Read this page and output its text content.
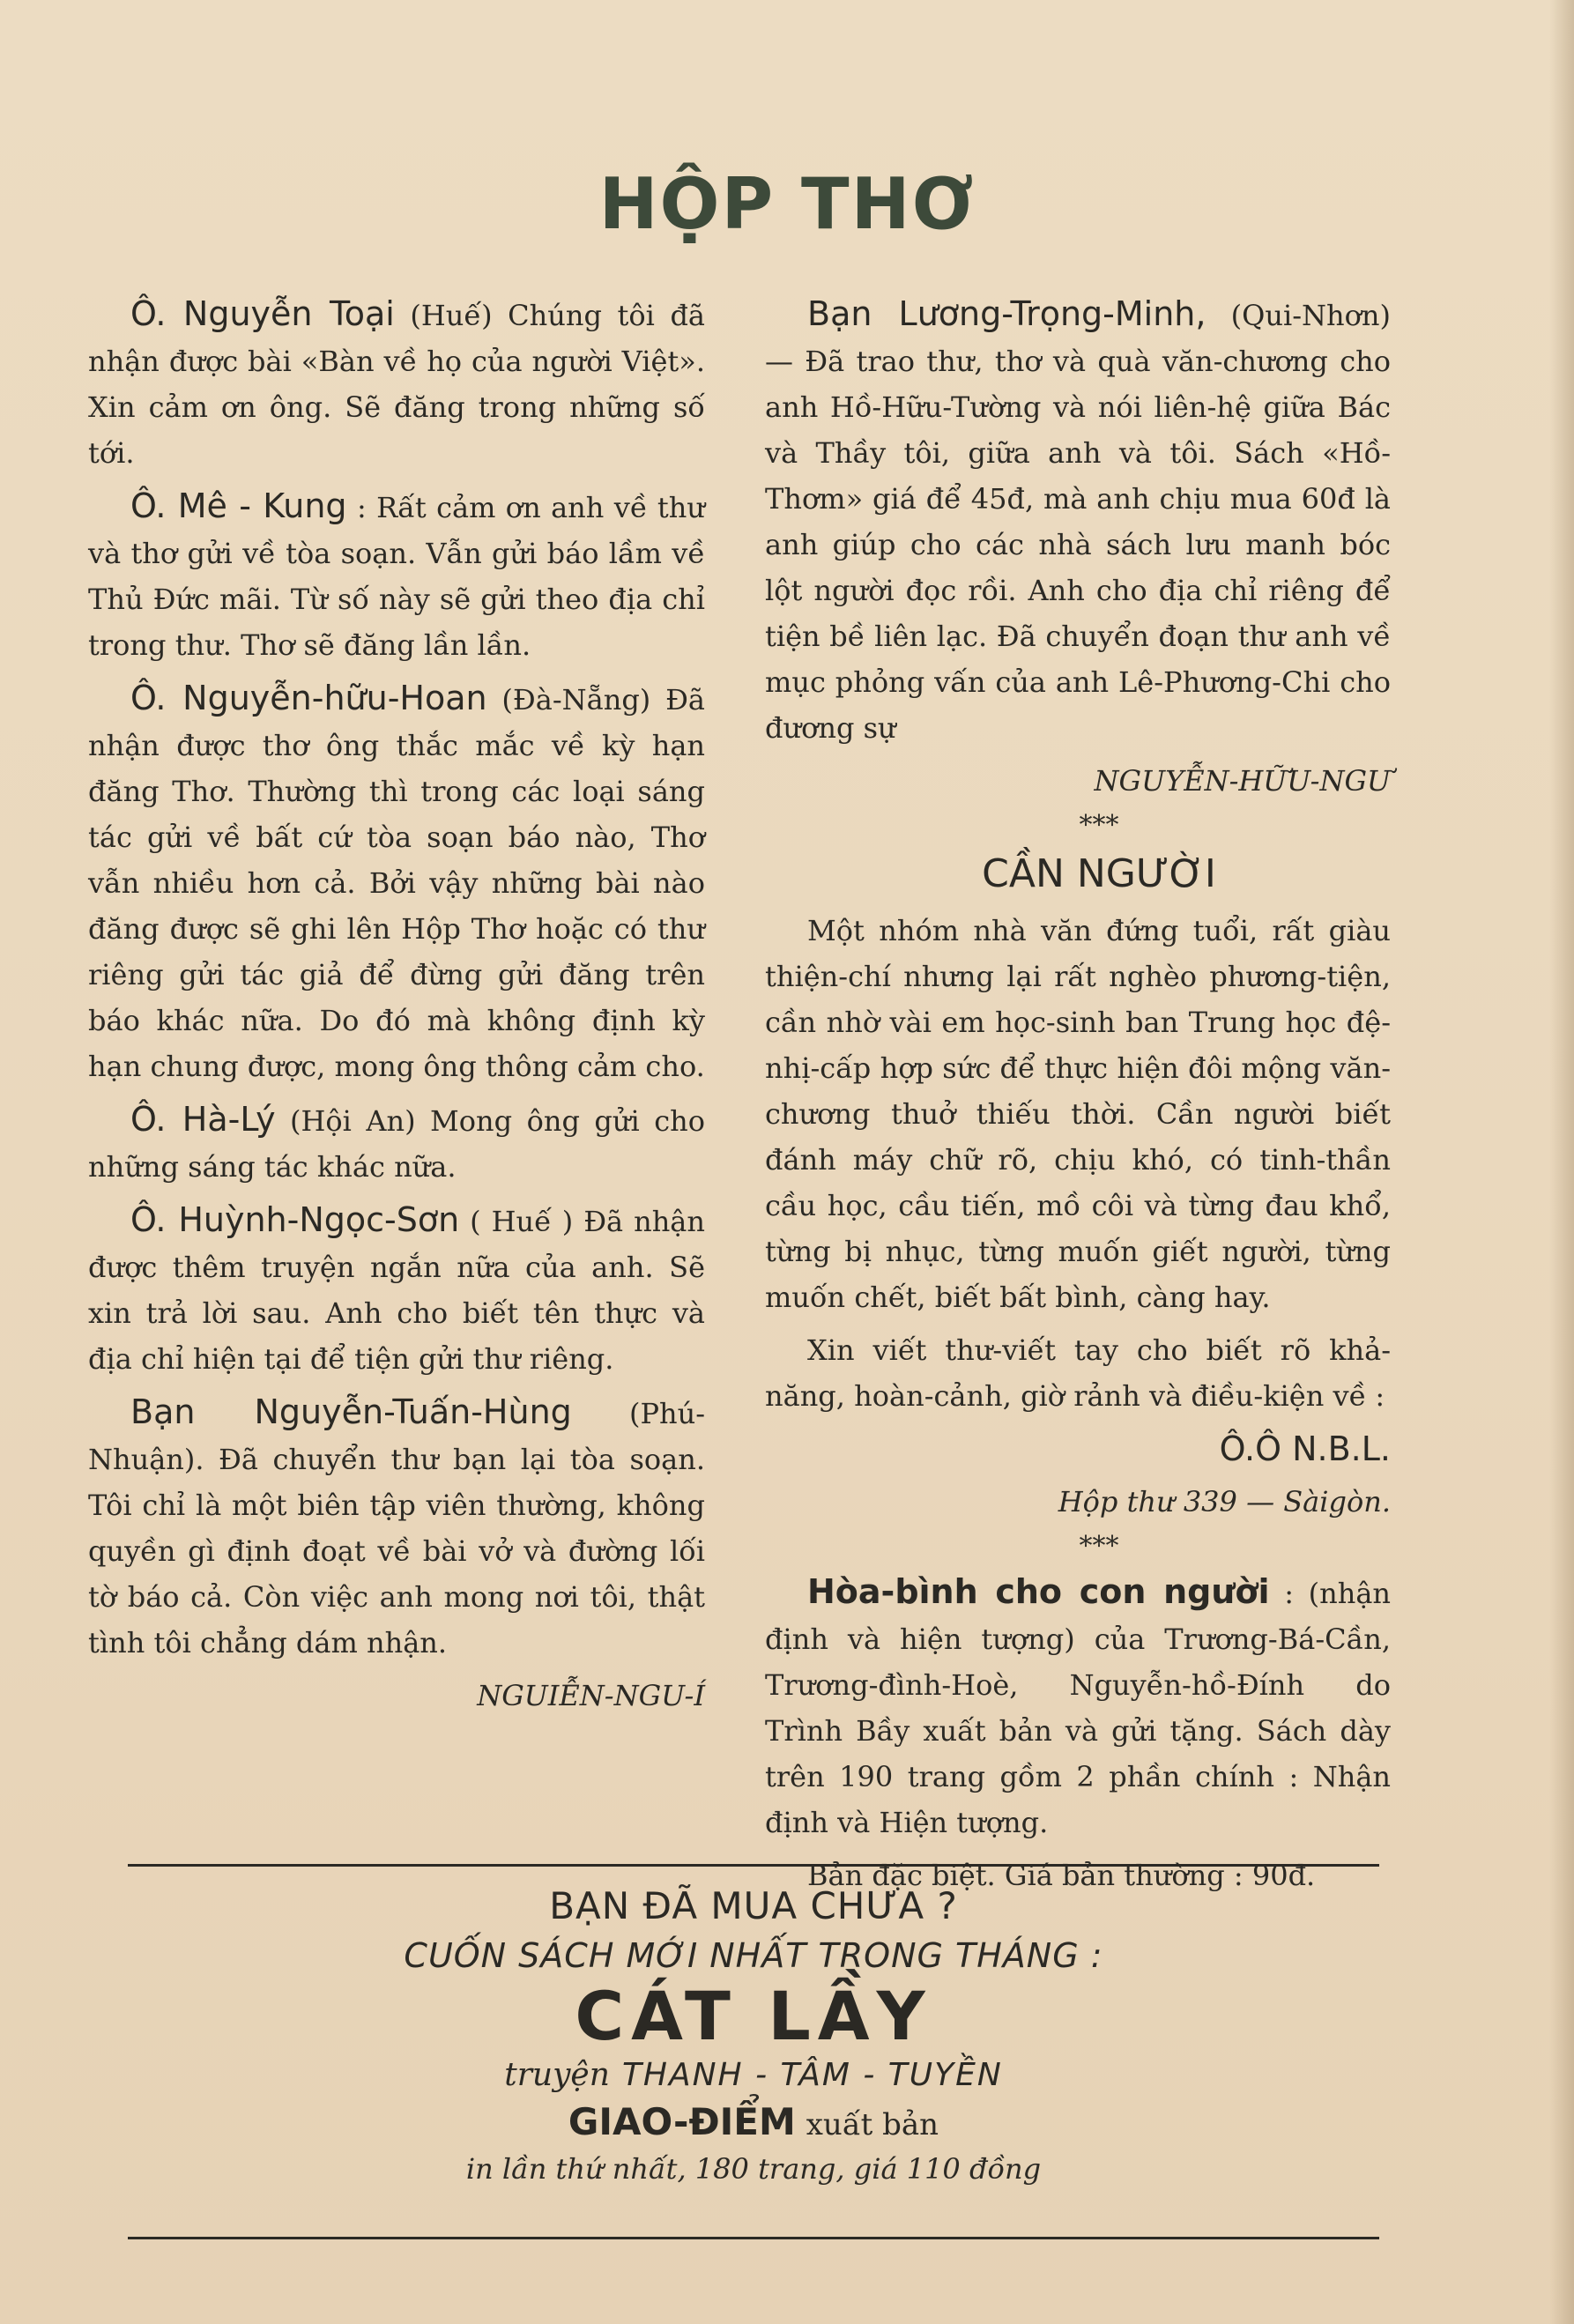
HỘP THƠ

Ô. Nguyễn Toại (Huế) Chúng tôi đã nhận được bài «Bàn về họ của người Việt». Xin cảm ơn ông. Sẽ đăng trong những số tới.

Ô. Mê - Kung : Rất cảm ơn anh về thư và thơ gửi về tòa soạn. Vẫn gửi báo lầm về Thủ Đức mãi. Từ số này sẽ gửi theo địa chỉ trong thư. Thơ sẽ đăng lần lần.

Ô. Nguyễn-hữu-Hoan (Đà-Nẵng) Đã nhận được thơ ông thắc mắc về kỳ hạn đăng Thơ. Thường thì trong các loại sáng tác gửi về bất cứ tòa soạn báo nào, Thơ vẫn nhiều hơn cả. Bởi vậy những bài nào đăng được sẽ ghi lên Hộp Thơ hoặc có thư riêng gửi tác giả để đừng gửi đăng trên báo khác nữa. Do đó mà không định kỳ hạn chung được, mong ông thông cảm cho.

Ô. Hà-Lý (Hội An) Mong ông gửi cho những sáng tác khác nữa.

Ô. Huỳnh-Ngọc-Sơn ( Huế ) Đã nhận được thêm truyện ngắn nữa của anh. Sẽ xin trả lời sau. Anh cho biết tên thực và địa chỉ hiện tại để tiện gửi thư riêng.

Bạn Nguyễn-Tuấn-Hùng (Phú-Nhuận). Đã chuyển thư bạn lại tòa soạn. Tôi chỉ là một biên tập viên thường, không quyền gì định đoạt về bài vở và đường lối tờ báo cả. Còn việc anh mong nơi tôi, thật tình tôi chẳng dám nhận.

NGUIỄN-NGU-Í

Bạn Lương-Trọng-Minh, (Qui-Nhơn) — Đã trao thư, thơ và quà văn-chương cho anh Hồ-Hữu-Tường và nói liên-hệ giữa Bác và Thầy tôi, giữa anh và tôi. Sách «Hồ-Thơm» giá để 45đ, mà anh chịu mua 60đ là anh giúp cho các nhà sách lưu manh bóc lột người đọc rồi. Anh cho địa chỉ riêng để tiện bề liên lạc. Đã chuyển đoạn thư anh về mục phỏng vấn của anh Lê-Phương-Chi cho đương sự

NGUYỄN-HỮU-NGƯ

***

CẦN NGƯỜI

Một nhóm nhà văn đứng tuổi, rất giàu thiện-chí nhưng lại rất nghèo phương-tiện, cần nhờ vài em học-sinh ban Trung học đệ-nhị-cấp hợp sức để thực hiện đôi mộng văn-chương thuở thiếu thời. Cần người biết đánh máy chữ rõ, chịu khó, có tinh-thần cầu học, cầu tiến, mồ côi và từng đau khổ, từng bị nhục, từng muốn giết người, từng muốn chết, biết bất bình, càng hay.

Xin viết thư-viết tay cho biết rõ khả-năng, hoàn-cảnh, giờ rảnh và điều-kiện về :

Ô.Ô N.B.L.

Hộp thư 339 — Sàigòn.

***

Hòa-bình cho con người : (nhận định và hiện tượng) của Trương-Bá-Cần, Trương-đình-Hoè, Nguyễn-hồ-Đính do Trình Bầy xuất bản và gửi tặng. Sách dày trên 190 trang gồm 2 phần chính : Nhận định và Hiện tượng.

Bản đặc biệt. Giá bản thường : 90đ.

BẠN ĐÃ MUA CHƯA ?
CUỐN SÁCH MỚI NHẤT TRONG THÁNG :
CÁT LẦY
truyện THANH - TÂM - TUYỀN
GIAO-ĐIỂM xuất bản
in lần thứ nhất, 180 trang, giá 110 đồng
